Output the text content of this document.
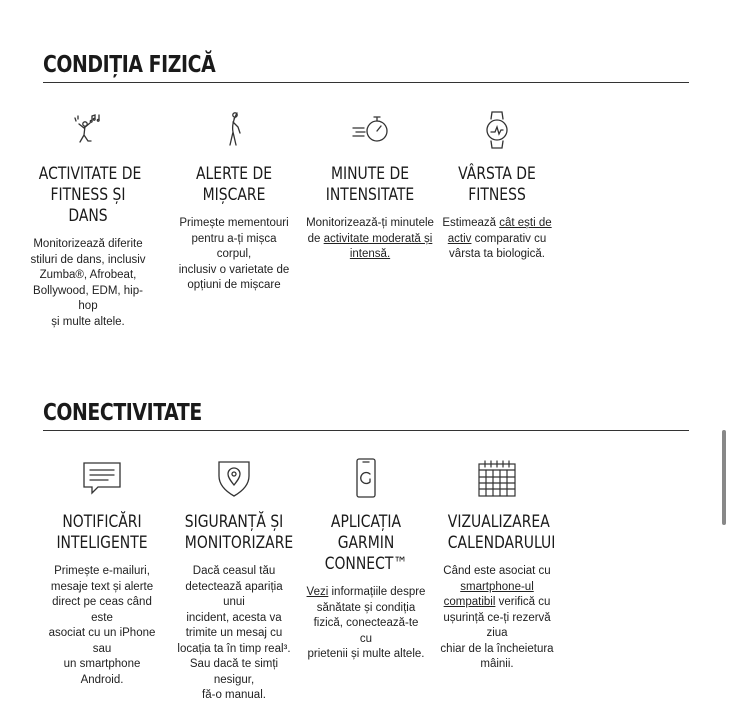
CONDIȚIA FIZICĂ

ACTIVITATE DE

FITNESS ȘI

DANS

Monitorizează diferite

stiluri de dans, inclusiv

Zumba®, Afrobeat,

Bollywood, EDM, hip-hop

și multe altele.

ALERTE DE

MIȘCARE

Primește mementouri

pentru a-ți mișca corpul,

inclusiv o varietate de

opțiuni de mișcare

MINUTE DE

INTENSITATE

Monitorizează-ți minutele

de activitate moderată și

intensă.

VÂRSTA DE

FITNESS

Estimează cât ești de

activ comparativ cu

vârsta ta biologică.

CONECTIVITATE

NOTIFICĂRI

INTELIGENTE

Primește e-mailuri,

mesaje text și alerte

direct pe ceas când este

asociat cu un iPhone sau

un smartphone Android.

SIGURANȚĂ ȘI

MONITORIZARE

Dacă ceasul tău

detectează apariția unui

incident, acesta va

trimite un mesaj cu

locația ta în timp real³.

Sau dacă te simți nesigur,

fă-o manual.

APLICAȚIA

GARMIN

CONNECT™

Vezi informațiile despre

sănătate și condiția

fizică, conectează-te cu

prietenii și multe altele.

VIZUALIZAREA

CALENDARULUI

Când este asociat cu

smartphone-ul

compatibil verifică cu

ușurință ce-ți rezervă ziua

chiar de la încheietura

mâinii.
